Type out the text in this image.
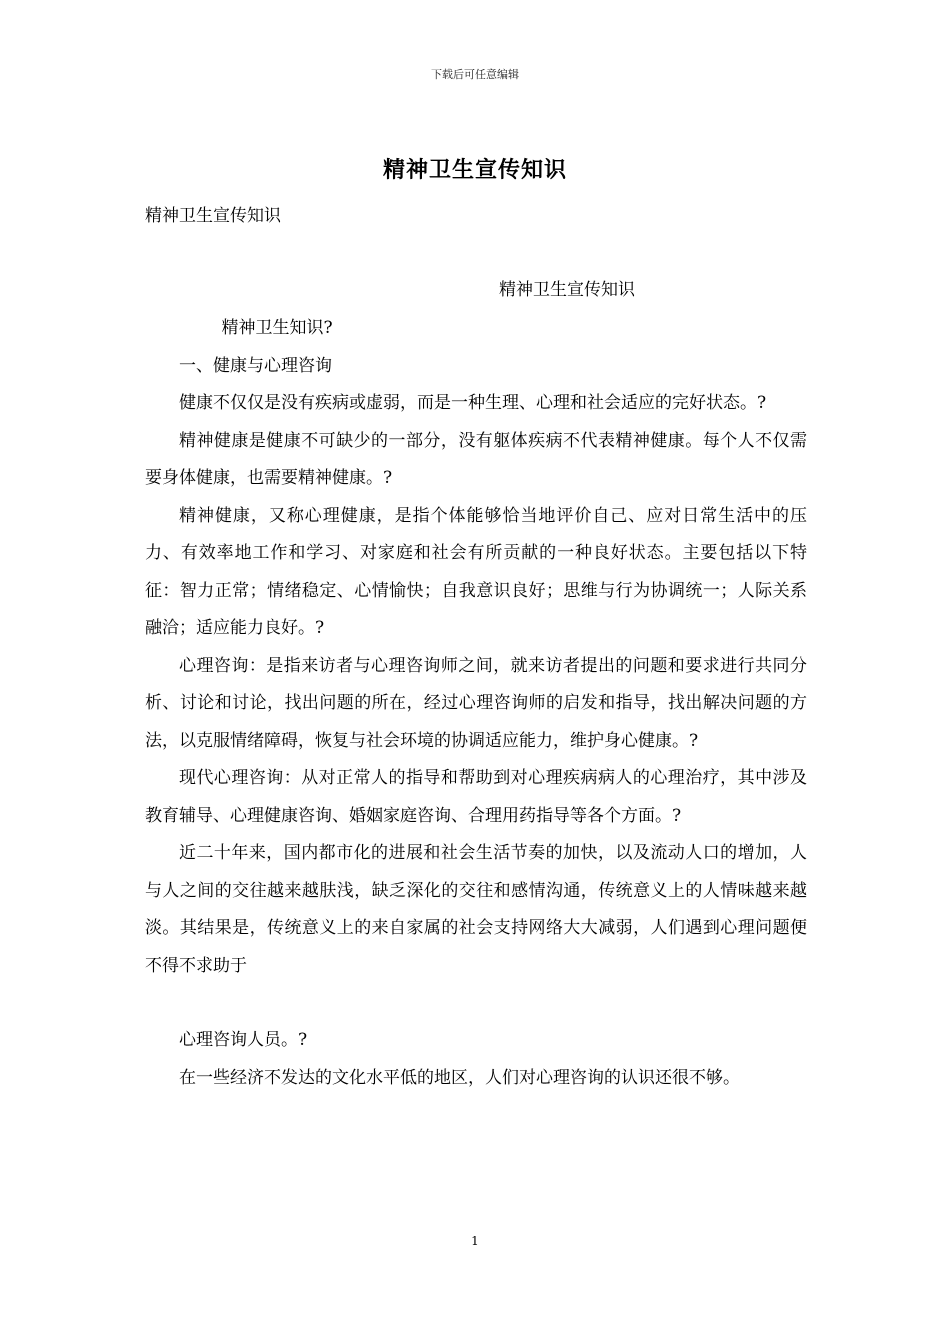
下载后可任意编辑
精神卫生宣传知识
精神卫生宣传知识
精神卫生宣传知识

精神卫生知识?

一、健康与心理咨询

健康不仅仅是没有疾病或虚弱，而是一种生理、心理和社会适应的完好状态。?

精神健康是健康不可缺少的一部分，没有躯体疾病不代表精神健康。每个人不仅需要身体健康，也需要精神健康。?

精神健康，又称心理健康，是指个体能够恰当地评价自己、应对日常生活中的压力、有效率地工作和学习、对家庭和社会有所贡献的一种良好状态。主要包括以下特征：智力正常；情绪稳定、心情愉快；自我意识良好；思维与行为协调统一；人际关系融洽；适应能力良好。?

心理咨询：是指来访者与心理咨询师之间，就来访者提出的问题和要求进行共同分析、讨论和讨论，找出问题的所在，经过心理咨询师的启发和指导，找出解决问题的方法，以克服情绪障碍，恢复与社会环境的协调适应能力，维护身心健康。?

现代心理咨询：从对正常人的指导和帮助到对心理疾病病人的心理治疗，其中涉及教育辅导、心理健康咨询、婚姻家庭咨询、合理用药指导等各个方面。?

近二十年来，国内都市化的进展和社会生活节奏的加快，以及流动人口的增加，人与人之间的交往越来越肤浅，缺乏深化的交往和感情沟通，传统意义上的人情味越来越淡。其结果是，传统意义上的来自家属的社会支持网络大大减弱，人们遇到心理问题便不得不求助于

心理咨询人员。?

在一些经济不发达的文化水平低的地区，人们对心理咨询的认识还很不够。

1
